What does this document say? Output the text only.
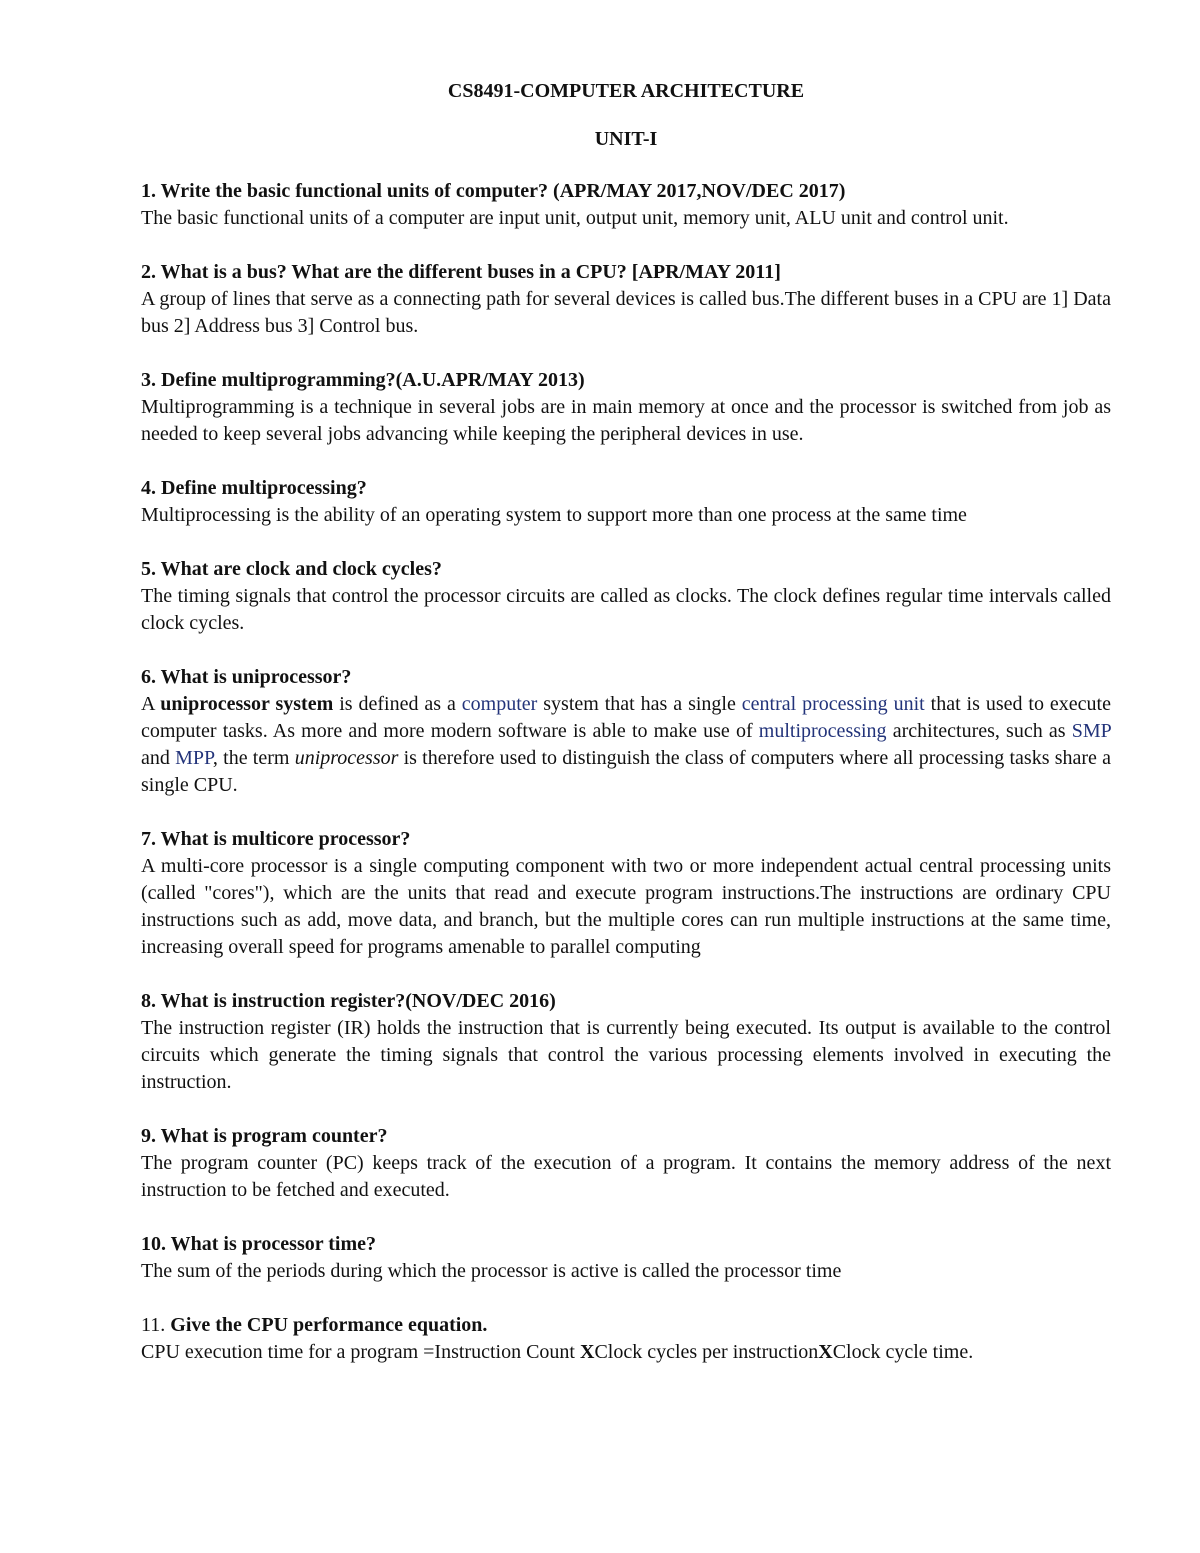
CS8491-COMPUTER ARCHITECTURE

UNIT-I

1. Write the basic functional units of computer? (APR/MAY 2017,NOV/DEC 2017)

The basic functional units of a computer are input unit, output unit, memory unit, ALU unit and control unit.

2. What is a bus? What are the different buses in a CPU? [APR/MAY 2011]

A group of lines that serve as a connecting path for several devices is called bus.The different buses in a CPU are 1] Data bus 2] Address bus 3] Control bus.

3. Define multiprogramming?(A.U.APR/MAY 2013)

Multiprogramming is a technique in several jobs are in main memory at once and the processor is switched from job as needed to keep several jobs advancing while keeping the peripheral devices in use.

4. Define multiprocessing?

Multiprocessing is the ability of an operating system to support more than one process at the same time

5. What are clock and clock cycles?

The timing signals that control the processor circuits are called as clocks. The clock defines regular time intervals called clock cycles.

6. What is uniprocessor?

A uniprocessor system is defined as a computer system that has a single central processing unit that is used to execute computer tasks. As more and more modern software is able to make use of multiprocessing architectures, such as SMP and MPP, the term uniprocessor is therefore used to distinguish the class of computers where all processing tasks share a single CPU.

7. What is multicore processor?

A multi-core processor is a single computing component with two or more independent actual central processing units (called "cores"), which are the units that read and execute program instructions.The instructions are ordinary CPU instructions such as add, move data, and branch, but the multiple cores can run multiple instructions at the same time, increasing overall speed for programs amenable to parallel computing

8. What is instruction register?(NOV/DEC 2016)

The instruction register (IR) holds the instruction that is currently being executed. Its output is available to the control circuits which generate the timing signals that control the various processing elements involved in executing the instruction.

9. What is program counter?

The program counter (PC) keeps track of the execution of a program. It contains the memory address of the next instruction to be fetched and executed.

10. What is processor time?

The sum of the periods during which the processor is active is called the processor time

11. Give the CPU performance equation.

CPU execution time for a program =Instruction Count XClock cycles per instructionXClock cycle time.
